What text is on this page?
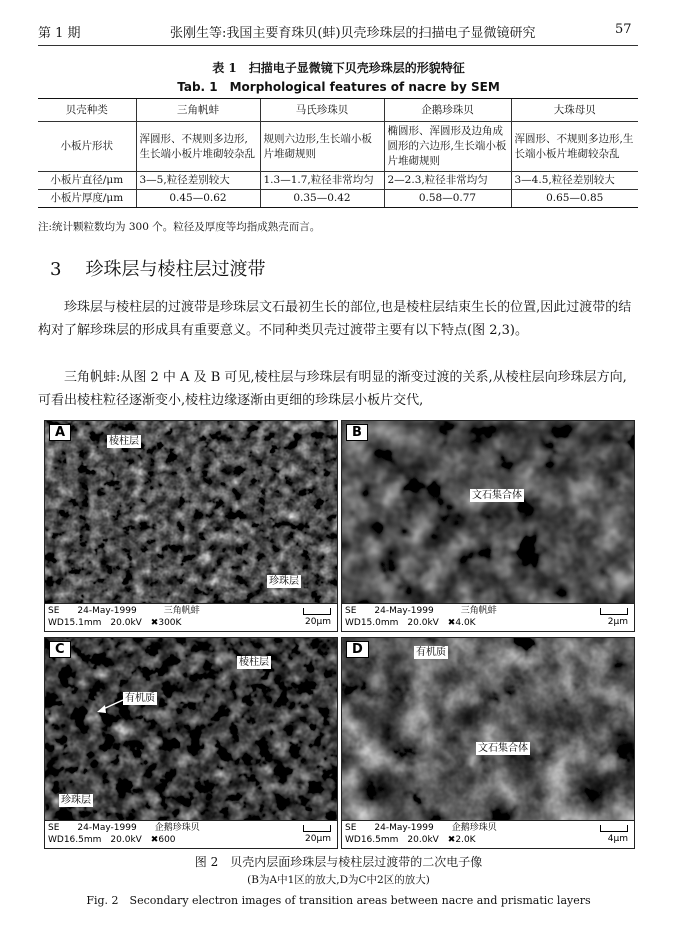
第 1 期	张刚生等:我国主要育珠贝(蚌)贝壳珍珠层的扫描电子显微镜研究	57
表 1　扫描电子显微镜下贝壳珍珠层的形貌特征
Tab. 1　Morphological features of nacre by SEM
贝壳种类	三角帆蚌	马氏珍珠贝	企鹅珍珠贝	大珠母贝
小板片形状	浑圆形、不规则多边形,生长端小板片堆砌较杂乱	规则六边形,生长端小板片堆砌规则	椭圆形、浑圆形及边角成圆形的六边形,生长端小板片堆砌规则	浑圆形、不规则多边形,生长端小板片堆砌较杂乱
小板片直径/μm	3—5,粒径差别较大	1.3—1.7,粒径非常均匀	2—2.3,粒径非常均匀	3—4.5,粒径差别较大
小板片厚度/μm	0.45—0.62	0.35—0.42	0.58—0.77	0.65—0.85
注:统计颗粒数均为 300 个。粒径及厚度等均指成熟壳而言。
3 珍珠层与棱柱层过渡带
珍珠层与棱柱层的过渡带是珍珠层文石最初生长的部位,也是棱柱层结束生长的位置,因此过渡带的结构对了解珍珠层的形成具有重要意义。不同种类贝壳过渡带主要有以下特点(图 2,3)。
三角帆蚌:从图 2 中 A 及 B 可见,棱柱层与珍珠层有明显的渐变过渡的关系,从棱柱层向珍珠层方向,可看出棱柱粒径逐渐变小,棱柱边缘逐渐由更细的珍珠层小板片交代,
A
棱柱层
珍珠层
SE　　24-May-1999　　　三角帆蚌
WD15.1mm　20.0kV　✖300K	20μm
B
文石集合体
SE　　24-May-1999　　　三角帆蚌
WD15.0mm　20.0kV　✖4.0K	2μm
C
棱柱层
有机质
珍珠层
SE　　24-May-1999　　企鹅珍珠贝
WD16.5mm　20.0kV　✖600	20μm
D	有机质
文石集合体
SE　　24-May-1999　　企鹅珍珠贝
WD16.5mm　20.0kV　✖2.0K	4μm
图 2　贝壳内层面珍珠层与棱柱层过渡带的二次电子像
(B为A中1区的放大,D为C中2区的放大)
Fig. 2　Secondary electron images of transition areas between nacre and prismatic layers
